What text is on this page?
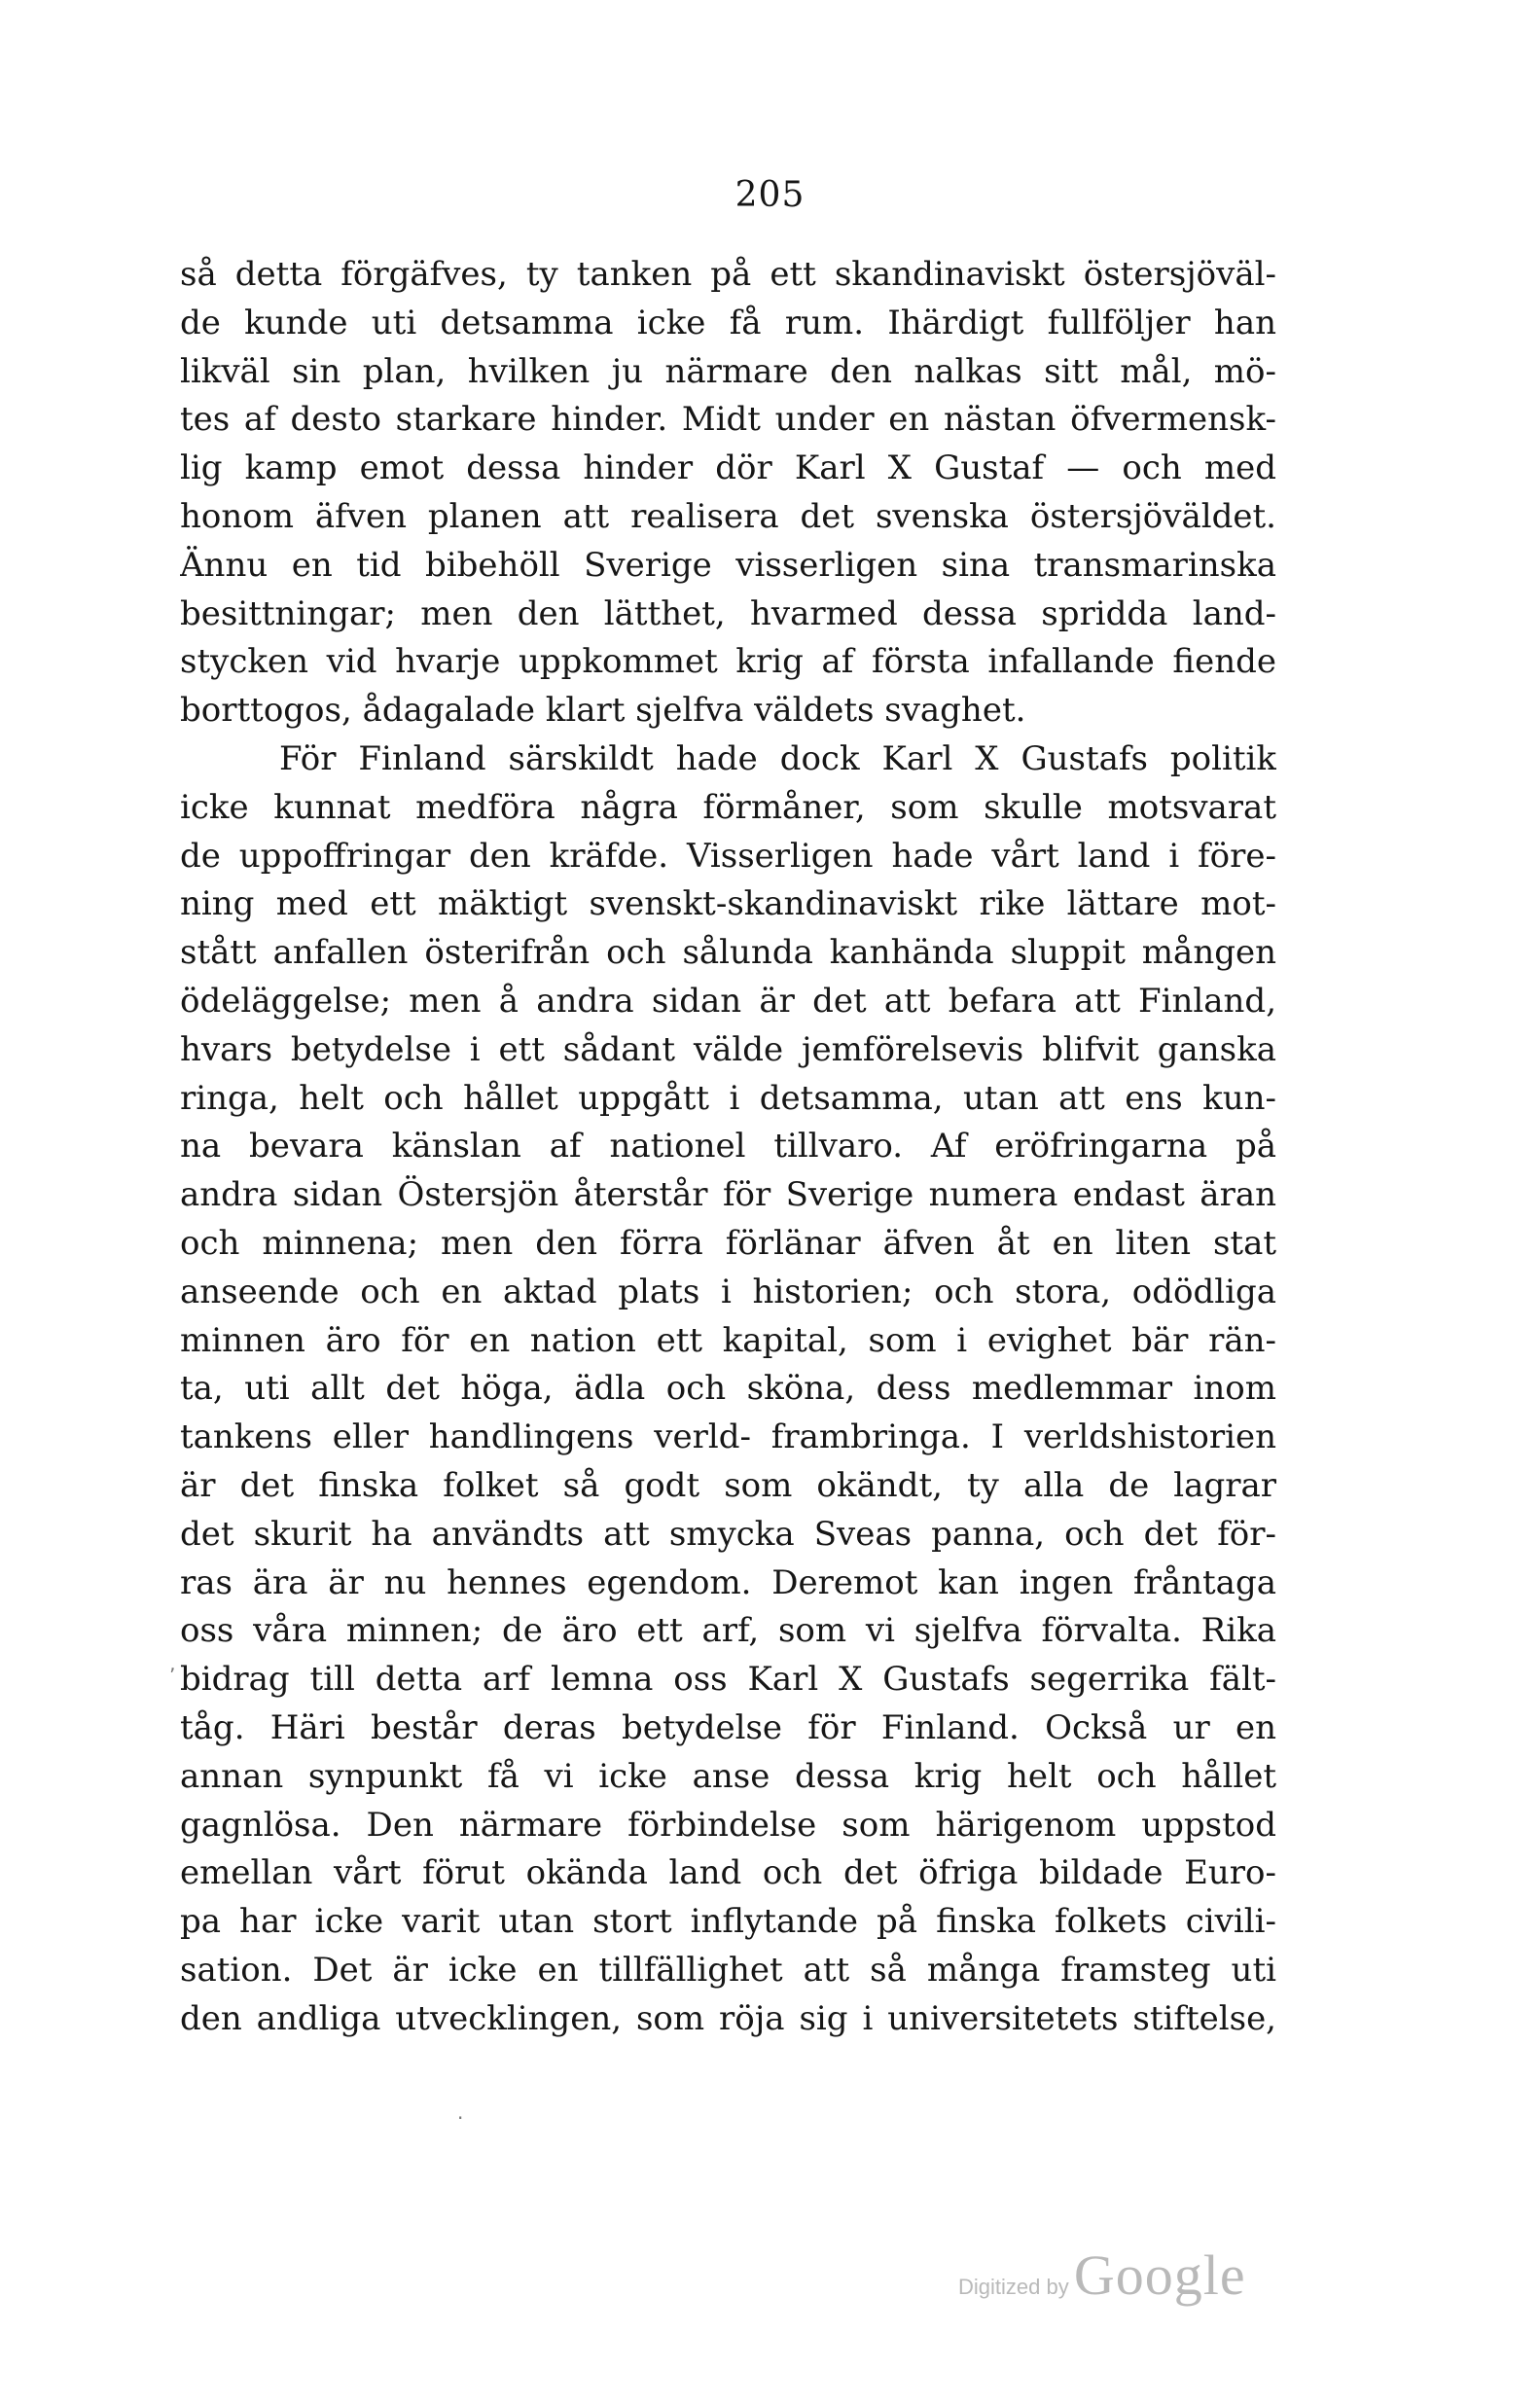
205
så detta förgäfves, ty tanken på ett skandinaviskt östersjöväl-
de kunde uti detsamma icke få rum. Ihärdigt fullföljer han
likväl sin plan, hvilken ju närmare den nalkas sitt mål, mö-
tes af desto starkare hinder. Midt under en nästan öfvermensk-
lig kamp emot dessa hinder dör Karl X Gustaf — och med
honom äfven planen att realisera det svenska östersjöväldet.
Ännu en tid bibehöll Sverige visserligen sina transmarinska
besittningar; men den lätthet, hvarmed dessa spridda land-
stycken vid hvarje uppkommet krig af första infallande fiende
borttogos, ådagalade klart sjelfva väldets svaghet.
För Finland särskildt hade dock Karl X Gustafs politik
icke kunnat medföra några förmåner, som skulle motsvarat
de uppoffringar den kräfde. Visserligen hade vårt land i före-
ning med ett mäktigt svenskt-skandinaviskt rike lättare mot-
stått anfallen österifrån och sålunda kanhända sluppit mången
ödeläggelse; men å andra sidan är det att befara att Finland,
hvars betydelse i ett sådant välde jemförelsevis blifvit ganska
ringa, helt och hållet uppgått i detsamma, utan att ens kun-
na bevara känslan af nationel tillvaro. Af eröfringarna på
andra sidan Östersjön återstår för Sverige numera endast äran
och minnena; men den förra förlänar äfven åt en liten stat
anseende och en aktad plats i historien; och stora, odödliga
minnen äro för en nation ett kapital, som i evighet bär rän-
ta, uti allt det höga, ädla och sköna, dess medlemmar inom
tankens eller handlingens verld- frambringa. I verldshistorien
är det finska folket så godt som okändt, ty alla de lagrar
det skurit ha användts att smycka Sveas panna, och det för-
ras ära är nu hennes egendom. Deremot kan ingen fråntaga
oss våra minnen; de äro ett arf, som vi sjelfva förvalta. Rika
bidrag till detta arf lemna oss Karl X Gustafs segerrika fält-
tåg. Häri består deras betydelse för Finland. Också ur en
annan synpunkt få vi icke anse dessa krig helt och hållet
gagnlösa. Den närmare förbindelse som härigenom uppstod
emellan vårt förut okända land och det öfriga bildade Euro-
pa har icke varit utan stort inflytande på finska folkets civili-
sation. Det är icke en tillfällighet att så många framsteg uti
den andliga utvecklingen, som röja sig i universitetets stiftelse,
ʼ
·
Digitized by Google
